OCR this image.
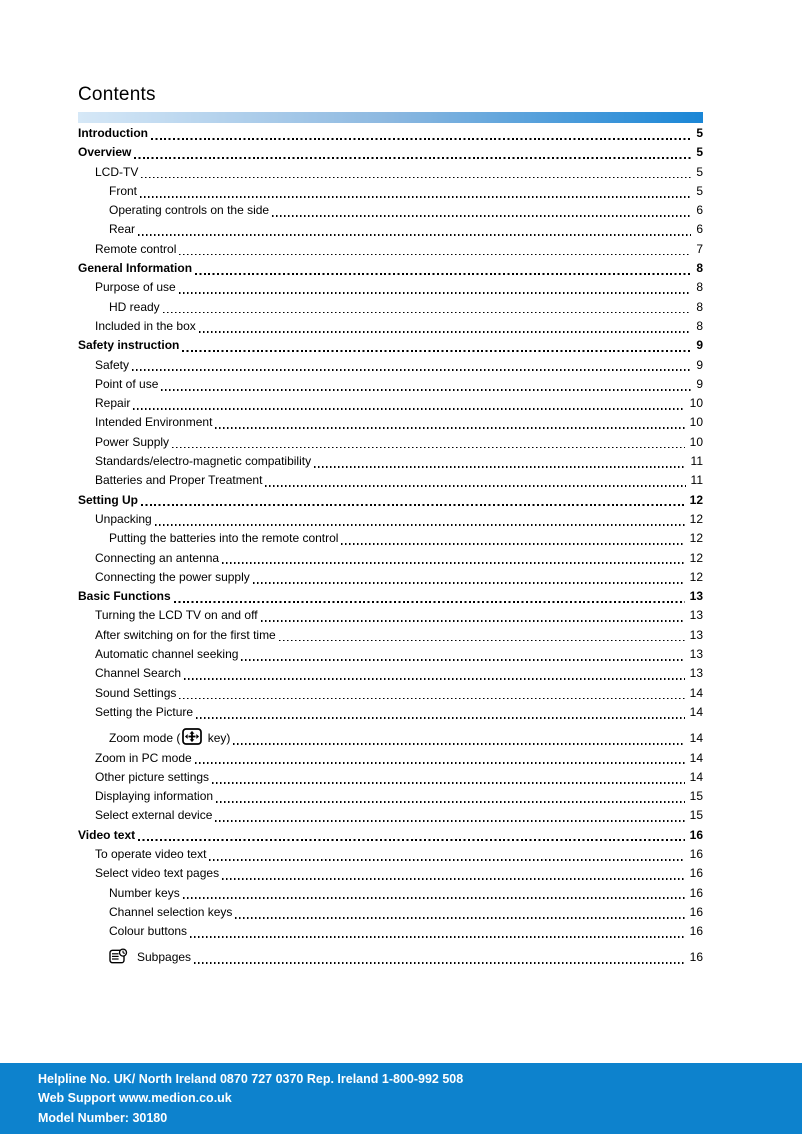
Contents
Introduction	5
Overview	5
LCD-TV	5
Front	5
Operating controls on the side	6
Rear	6
Remote control	7
General Information	8
Purpose of use	8
HD ready	8
Included in the box	8
Safety instruction	9
Safety	9
Point of use	9
Repair	10
Intended Environment	10
Power Supply	10
Standards/electro-magnetic compatibility	11
Batteries and Proper Treatment	11
Setting Up	12
Unpacking	12
Putting the batteries into the remote control	12
Connecting an antenna	12
Connecting the power supply	12
Basic Functions	13
Turning the LCD TV on and off	13
After switching on for the first time	13
Automatic channel seeking	13
Channel Search	13
Sound Settings	14
Setting the Picture	14
Zoom mode ( key)	14
Zoom in PC mode	14
Other picture settings	14
Displaying information	15
Select external device	15
Video text	16
To operate video text	16
Select video text pages	16
Number keys	16
Channel selection keys	16
Colour buttons	16
Subpages	16
Helpline No. UK/ North Ireland 0870 727 0370 Rep. Ireland 1-800-992 508
Web Support www.medion.co.uk
Model Number: 30180
